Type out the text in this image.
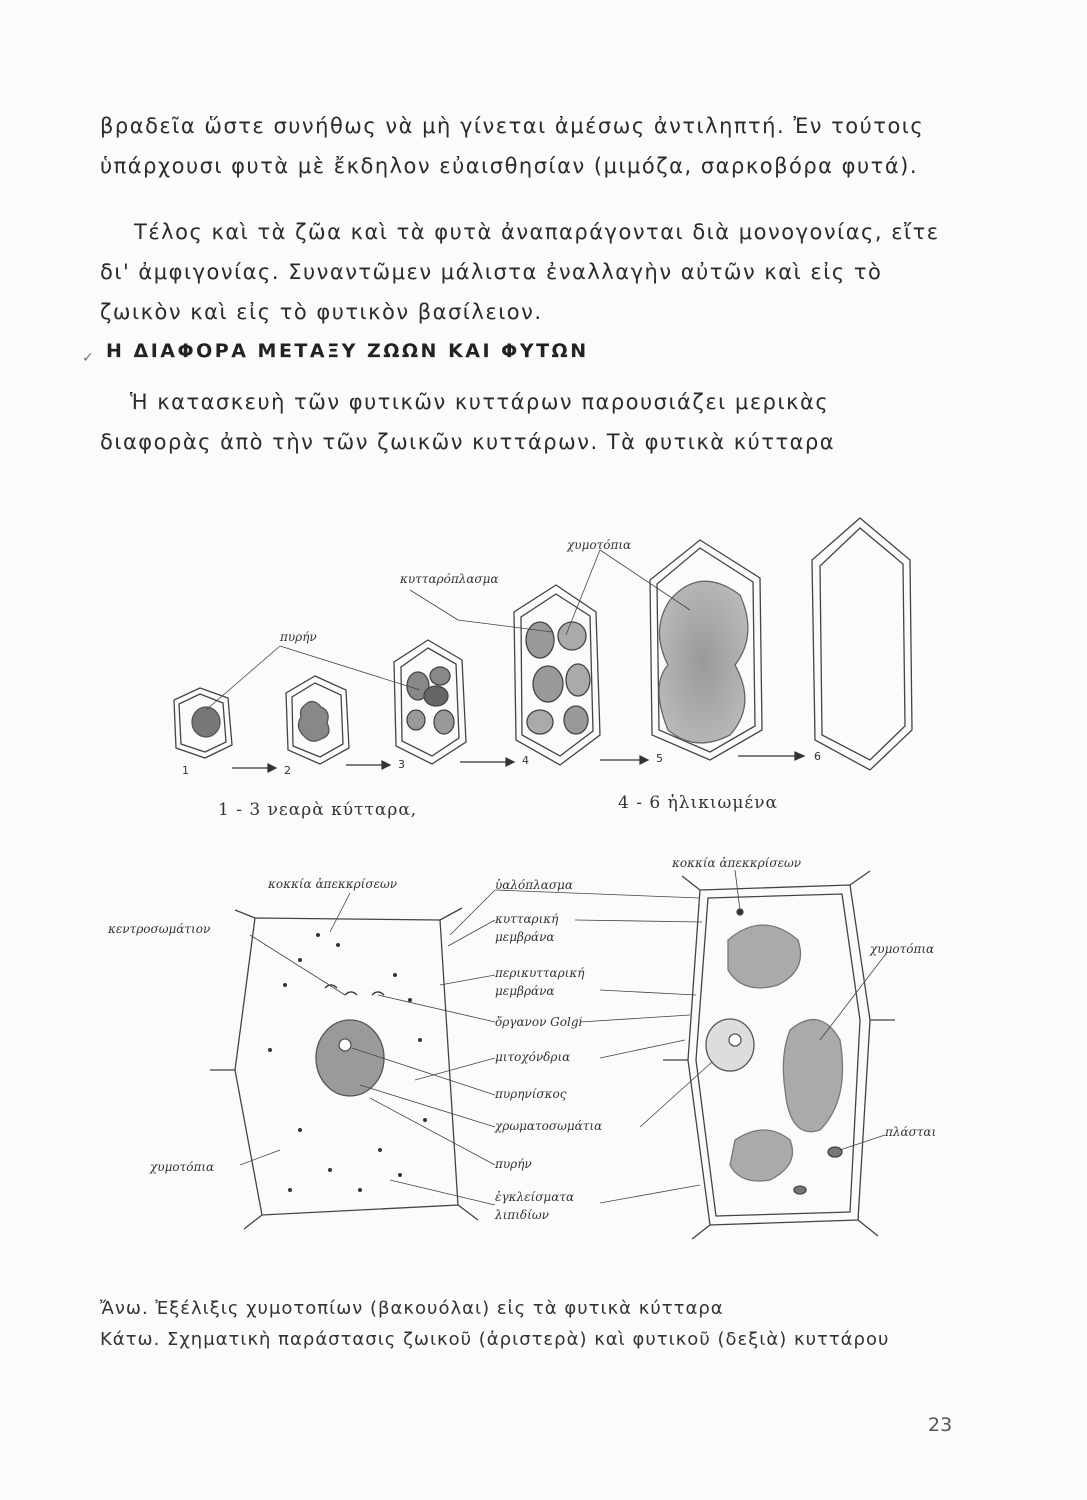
βραδεῖα ὥστε συνήθως νὰ μὴ γίνεται ἀμέσως ἀντιληπτή. Ἐν τούτοις ὑπάρχουσι φυτὰ μὲ ἔκδηλον εὐαισθησίαν (μιμόζα, σαρκοβόρα φυτά).

Τέλος καὶ τὰ ζῶα καὶ τὰ φυτὰ ἀναπαράγονται διὰ μονογονίας, εἴτε δι' ἀμφιγονίας. Συναντῶμεν μάλιστα ἐναλλαγὴν αὐτῶν καὶ εἰς τὸ ζωικὸν καὶ εἰς τὸ φυτικὸν βασίλειον.

✓ Η ΔΙΑΦΟΡΑ ΜΕΤΑΞΥ ΖΩΩΝ ΚΑΙ ΦΥΤΩΝ

Ἡ κατασκευὴ τῶν φυτικῶν κυττάρων παρουσιάζει μερικὰς διαφορὰς ἀπὸ τὴν τῶν ζωικῶν κυττάρων. Τὰ φυτικὰ κύτταρα

χυμοτόπια
κυτταρόπλασμα
πυρήν
1	2	3	4	5	6
1 - 3 νεαρὰ κύτταρα,	4 - 6 ἡλικιωμένα
κοκκία ἀπεκκρίσεων
κεντροσωμάτιον
χυμοτόπια
ὑαλόπλασμα
κυτταρική
μεμβράνα
περικυτταρική
μεμβράνα
ὄργανον Golgi
μιτοχόνδρια
πυρηνίσκος
χρωματοσωμάτια
πυρήν
ἐγκλείσματα
λιπιδίων
κοκκία ἀπεκκρίσεων
χυμοτόπια
πλάσται

Ἄνω. Ἐξέλιξις χυμοτοπίων (βακουόλαι) εἰς τὰ φυτικὰ κύτταρα

Κάτω. Σχηματικὴ παράστασις ζωικοῦ (ἀριστερὰ) καὶ φυτικοῦ (δεξιὰ) κυττάρου

23
